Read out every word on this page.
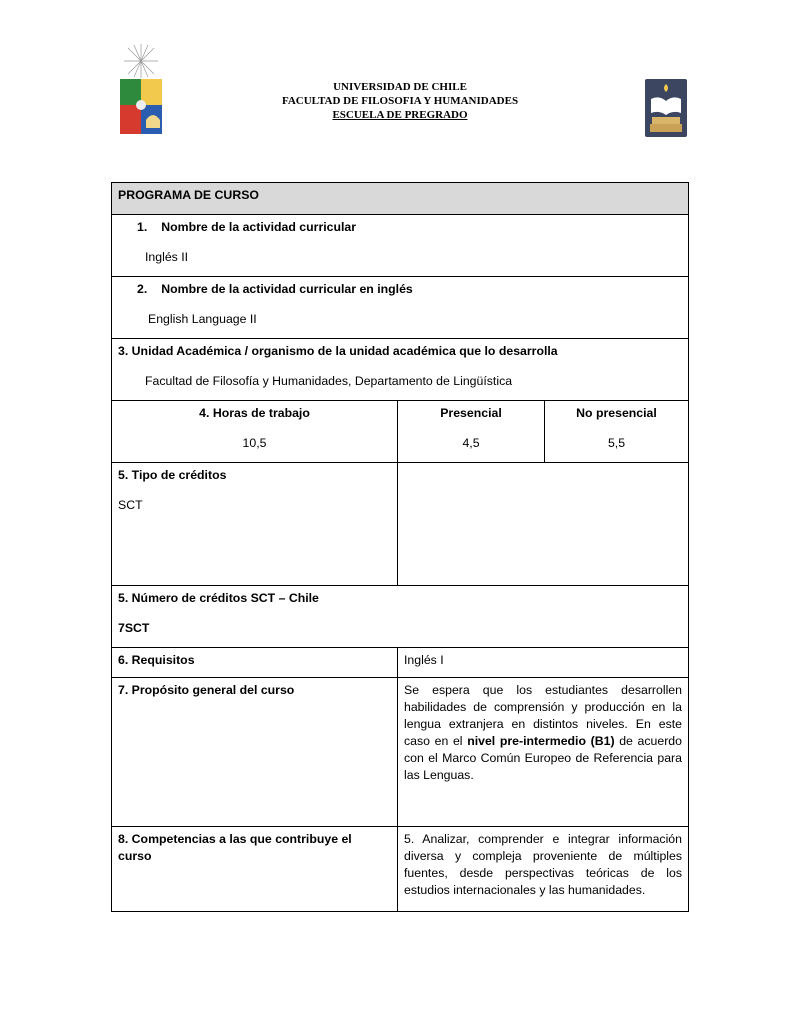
UNIVERSIDAD DE CHILE
FACULTAD DE FILOSOFIA Y HUMANIDADES
ESCUELA DE PREGRADO
PROGRAMA DE CURSO
1. Nombre de la actividad curricular
Inglés II
2. Nombre de la actividad curricular en inglés
English Language II
3. Unidad Académica / organismo de la unidad académica que lo desarrolla
Facultad de Filosofía y Humanidades, Departamento de Lingüística
4. Horas de trabajo
10,5
Presencial
4,5
No presencial
5,5
5. Tipo de créditos
SCT
5. Número de créditos SCT – Chile
7SCT
6. Requisitos	Inglés I
7. Propósito general del curso	Se espera que los estudiantes desarrollen habilidades de comprensión y producción en la lengua extranjera en distintos niveles. En este caso en el nivel pre-intermedio (B1) de acuerdo con el Marco Común Europeo de Referencia para las Lenguas.
8. Competencias a las que contribuye el curso
5. Analizar, comprender e integrar información diversa y compleja proveniente de múltiples fuentes, desde perspectivas teóricas de los estudios internacionales y las humanidades.
